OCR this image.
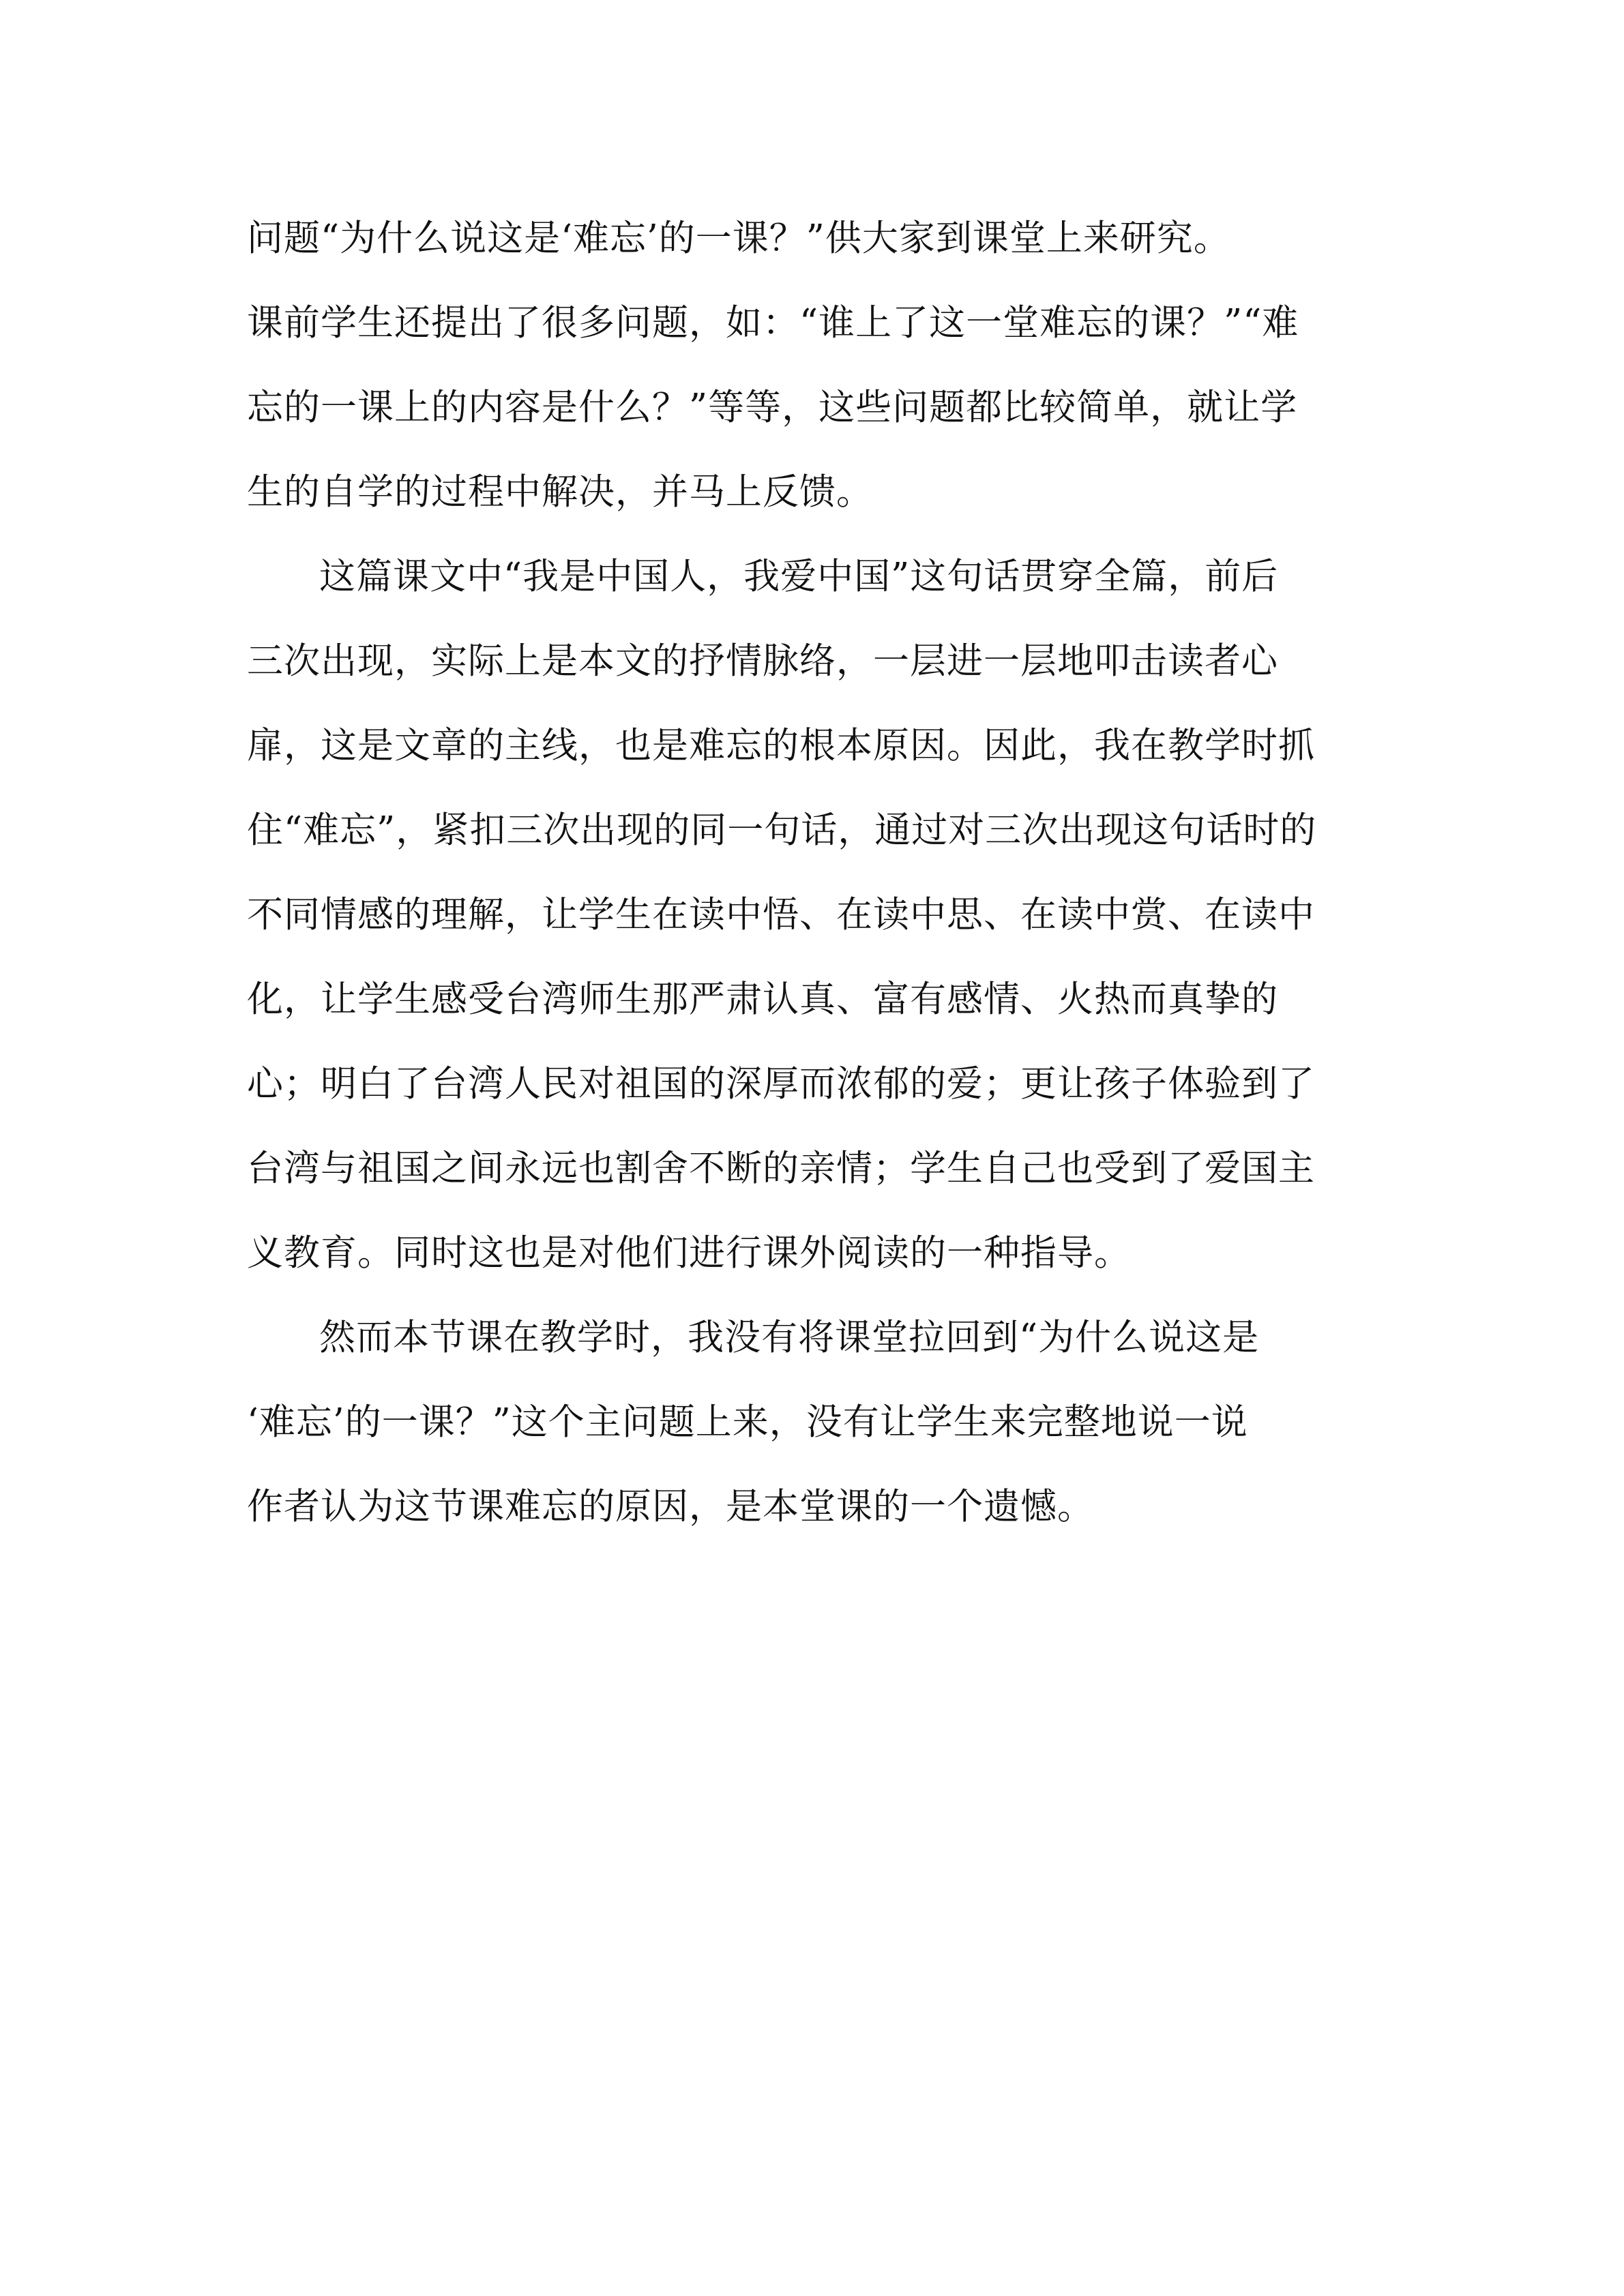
问题“为什么说这是‘难忘’的一课？”供大家到课堂上来研究。
课前学生还提出了很多问题，如：“谁上了这一堂难忘的课？”“难
忘的一课上的内容是什么？”等等，这些问题都比较简单，就让学
生的自学的过程中解决，并马上反馈。
这篇课文中“我是中国人，我爱中国”这句话贯穿全篇，前后
三次出现，实际上是本文的抒情脉络，一层进一层地叩击读者心
扉，这是文章的主线，也是难忘的根本原因。因此，我在教学时抓
住“难忘”，紧扣三次出现的同一句话，通过对三次出现这句话时的
不同情感的理解，让学生在读中悟、在读中思、在读中赏、在读中
化，让学生感受台湾师生那严肃认真、富有感情、火热而真挚的
心；明白了台湾人民对祖国的深厚而浓郁的爱；更让孩子体验到了
台湾与祖国之间永远也割舍不断的亲情；学生自己也受到了爱国主
义教育。同时这也是对他们进行课外阅读的一种指导。
然而本节课在教学时，我没有将课堂拉回到“为什么说这是
‘难忘’的一课？”这个主问题上来，没有让学生来完整地说一说
作者认为这节课难忘的原因，是本堂课的一个遗憾。
